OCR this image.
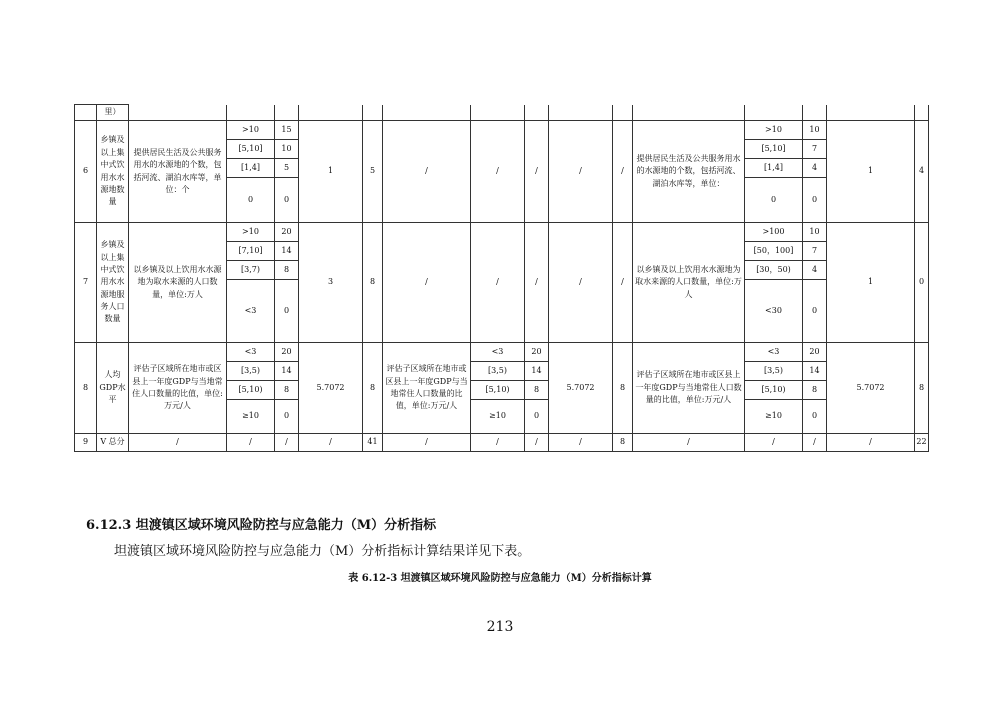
	里）															
6	乡镇及以上集中式饮用水水源地数量	提供居民生活及公共服务用水的水源地的个数，包括河流、湖泊水库等，单位：个	>10	15	1	5	/	/	/	/	/	提供居民生活及公共服务用水的水源地的个数，包括河流、湖泊水库等，单位：	>10	10	1	4
			[5,10]	10									[5,10]	7		
			[1,4]	5									[1,4]	4		
			0	0									0	0		
7	乡镇及以上集中式饮用水水源地服务人口数量	以乡镇及以上饮用水水源地为取水来源的人口数量，单位:万人	>10	20	3	8	/	/	/	/	/	以乡镇及以上饮用水水源地为取水来源的人口数量，单位:万人	>100	10	1	0
			[7,10]	14									[50，100]	7		
			[3,7)	8									[30，50)	4		
			<3	0									<30	0		
8	人均GDP水平	评估子区域所在地市或区县上一年度GDP与当地常住人口数量的比值，单位:万元/人	<3	20	5.7072	8	评估子区域所在地市或区县上一年度GDP与当地常住人口数量的比值，单位:万元/人	<3	20	5.7072	8	评估子区域所在地市或区县上一年度GDP与当地常住人口数量的比值，单位:万元/人	<3	20	5.7072	8
			[3,5)	14				[3,5)	14				[3,5)	14		
			[5,10)	8				[5,10)	8				[5,10)	8		
			≥10	0				≥10	0				≥10	0		
9	V 总分	/	/	/	/	41	/	/	/	/	8	/	/	/	/	22
6.12.3 坦渡镇区域环境风险防控与应急能力（M）分析指标
坦渡镇区域环境风险防控与应急能力（M）分析指标计算结果详见下表。
表 6.12-3 坦渡镇区域环境风险防控与应急能力（M）分析指标计算
213
